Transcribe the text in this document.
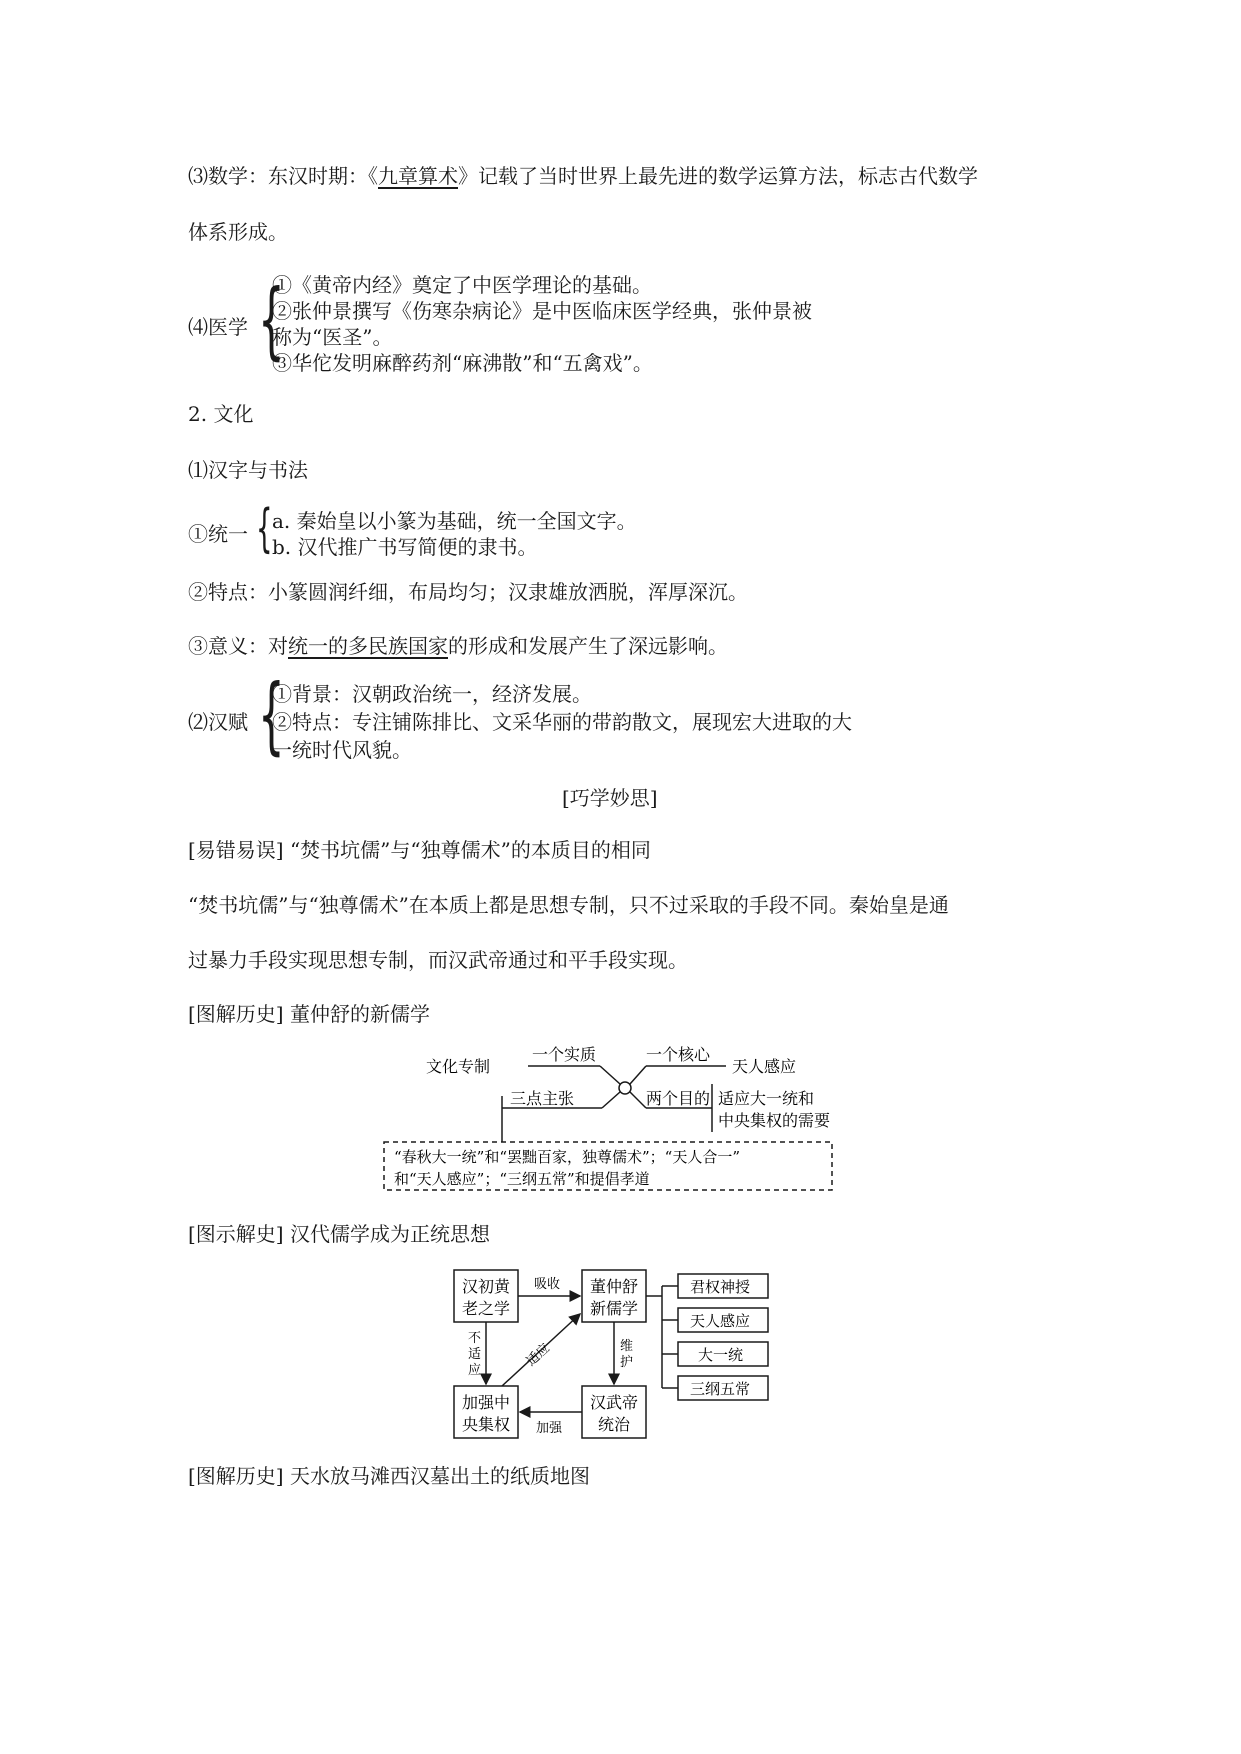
⑶数学：东汉时期：《九章算术》记载了当时世界上最先进的数学运算方法，标志古代数学
体系形成。
⑷医学 {
①《黄帝内经》奠定了中医学理论的基础。
②张仲景撰写《伤寒杂病论》是中医临床医学经典，张仲景被
称为“医圣”。
③华佗发明麻醉药剂“麻沸散”和“五禽戏”。
2. 文化
⑴汉字与书法
①统一 { a. 秦始皇以小篆为基础，统一全国文字。
b. 汉代推广书写简便的隶书。
②特点：小篆圆润纤细，布局均匀；汉隶雄放洒脱，浑厚深沉。
③意义：对统一的多民族国家的形成和发展产生了深远影响。
⑵汉赋 {
①背景：汉朝政治统一，经济发展。
②特点：专注铺陈排比、文采华丽的带韵散文，展现宏大进取的大
一统时代风貌。
[巧学妙思]
[易错易误] “焚书坑儒”与“独尊儒术”的本质目的相同
“焚书坑儒”与“独尊儒术”在本质上都是思想专制，只不过采取的手段不同。秦始皇是通
过暴力手段实现思想专制，而汉武帝通过和平手段实现。
[图解历史] 董仲舒的新儒学
文化专制
一个实质	一个核心
天人感应
三点主张	两个目的 适应大一统和
中央集权的需要
“春秋大一统”和“罢黜百家，独尊儒术”；“天人合一”
和“天人感应”；“三纲五常”和提倡孝道
[图示解史] 汉代儒学成为正统思想
汉初黄
老之学
董仲舒
新儒学
加强中
央集权
汉武帝
统治
吸收
不
适
应
适应	维
护
加强
君权神授
天人感应
大一统
三纲五常
[图解历史] 天水放马滩西汉墓出土的纸质地图
